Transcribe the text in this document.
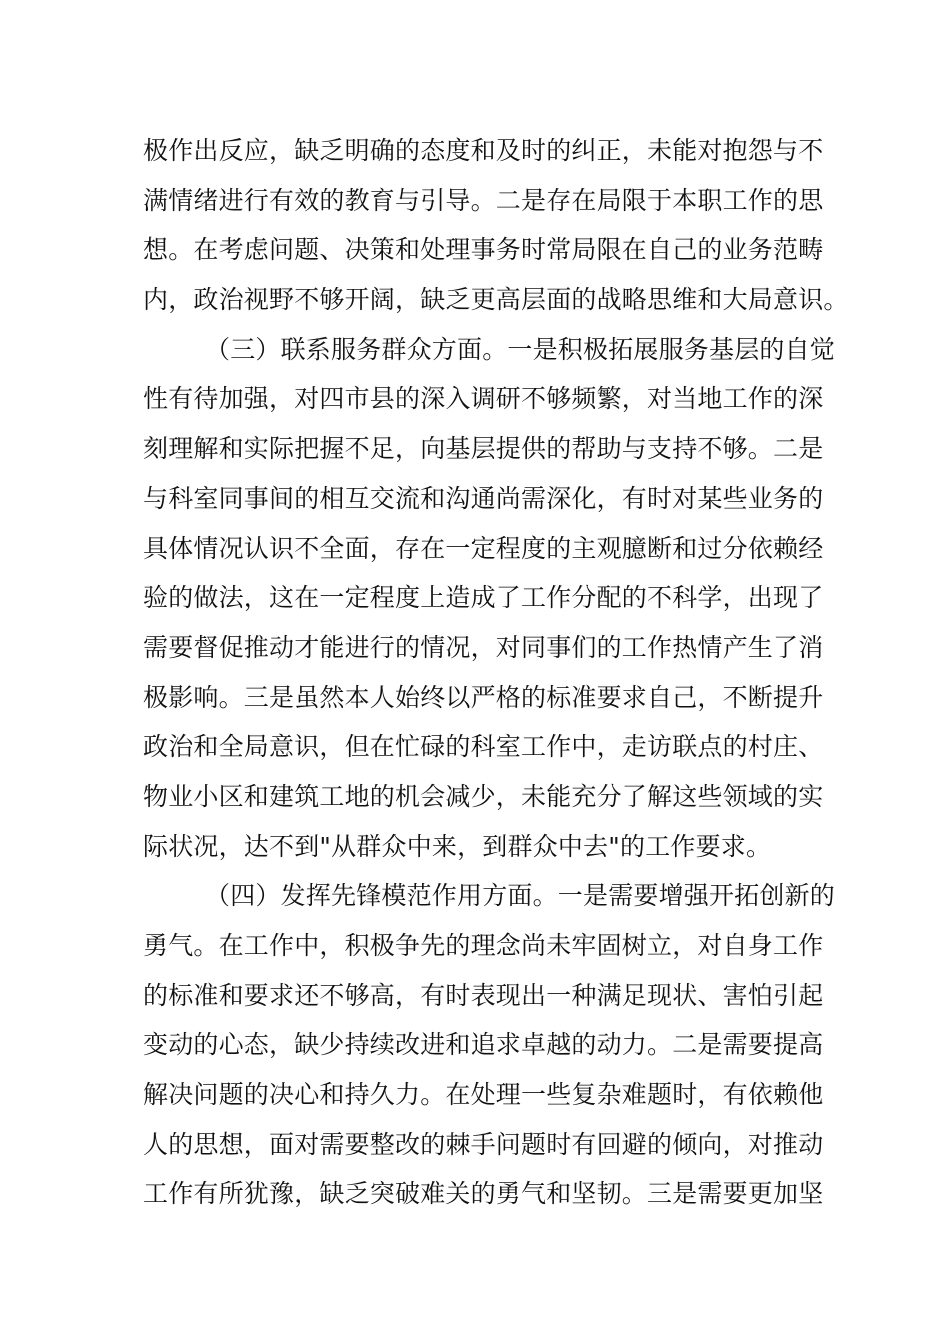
极作出反应，缺乏明确的态度和及时的纠正，未能对抱怨与不
满情绪进行有效的教育与引导。二是存在局限于本职工作的思
想。在考虑问题、决策和处理事务时常局限在自己的业务范畴
内，政治视野不够开阔，缺乏更高层面的战略思维和大局意识。
（三）联系服务群众方面。一是积极拓展服务基层的自觉
性有待加强，对四市县的深入调研不够频繁，对当地工作的深
刻理解和实际把握不足，向基层提供的帮助与支持不够。二是
与科室同事间的相互交流和沟通尚需深化，有时对某些业务的
具体情况认识不全面，存在一定程度的主观臆断和过分依赖经
验的做法，这在一定程度上造成了工作分配的不科学，出现了
需要督促推动才能进行的情况，对同事们的工作热情产生了消
极影响。三是虽然本人始终以严格的标准要求自己，不断提升
政治和全局意识，但在忙碌的科室工作中，走访联点的村庄、
物业小区和建筑工地的机会减少，未能充分了解这些领域的实
际状况，达不到"从群众中来，到群众中去"的工作要求。
（四）发挥先锋模范作用方面。一是需要增强开拓创新的
勇气。在工作中，积极争先的理念尚未牢固树立，对自身工作
的标准和要求还不够高，有时表现出一种满足现状、害怕引起
变动的心态，缺少持续改进和追求卓越的动力。二是需要提高
解决问题的决心和持久力。在处理一些复杂难题时，有依赖他
人的思想，面对需要整改的棘手问题时有回避的倾向，对推动
工作有所犹豫，缺乏突破难关的勇气和坚韧。三是需要更加坚
